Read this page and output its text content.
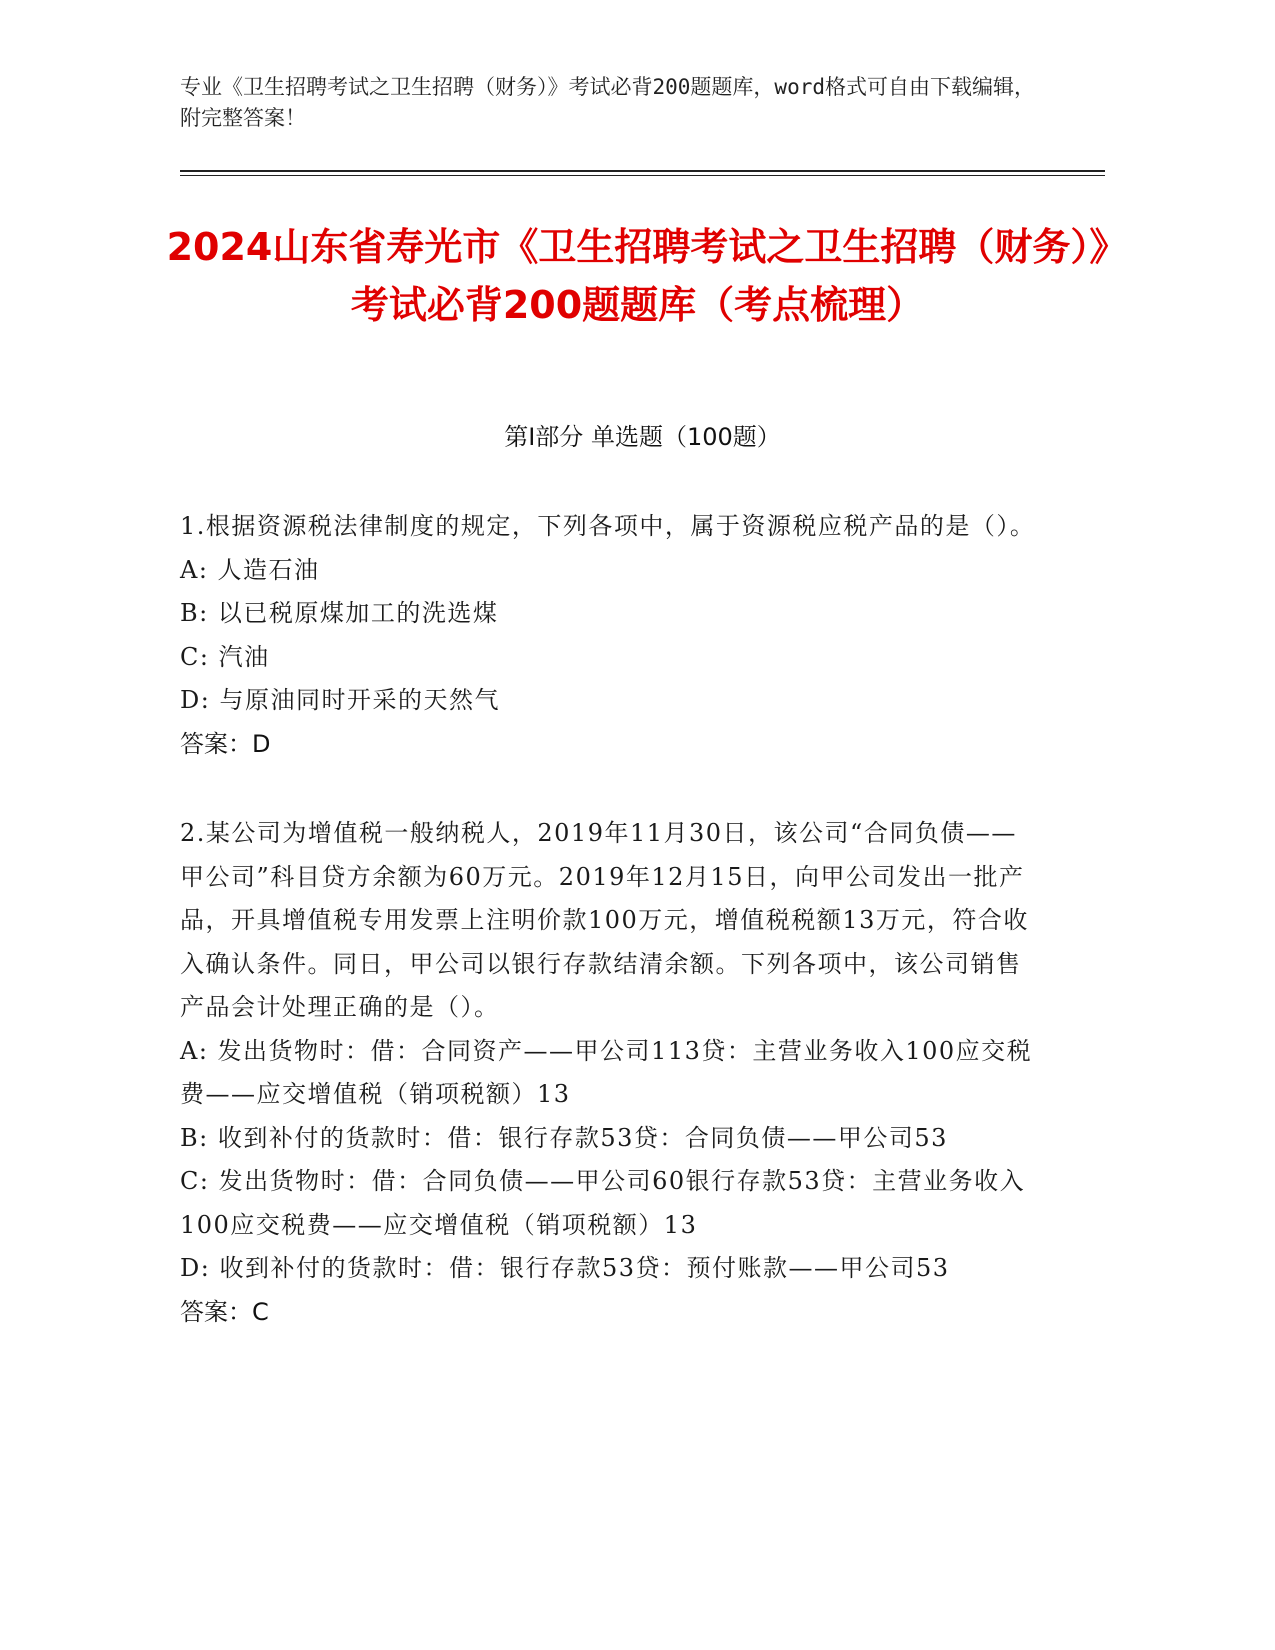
专业《卫生招聘考试之卫生招聘（财务）》考试必背200题题库，word格式可自由下载编辑，附完整答案！
2024山东省寿光市《卫生招聘考试之卫生招聘（财务）》考试必背200题题库（考点梳理）
第I部分 单选题（100题）

1.根据资源税法律制度的规定，下列各项中，属于资源税应税产品的是（）。

A: 人造石油

B: 以已税原煤加工的洗选煤

C: 汽油

D: 与原油同时开采的天然气

答案：D

2.某公司为增值税一般纳税人，2019年11月30日，该公司“合同负债——甲公司”科目贷方余额为60万元。2019年12月15日，向甲公司发出一批产品，开具增值税专用发票上注明价款100万元，增值税税额13万元，符合收入确认条件。同日，甲公司以银行存款结清余额。下列各项中，该公司销售产品会计处理正确的是（）。

A: 发出货物时：借：合同资产——甲公司113贷：主营业务收入100应交税费——应交增值税（销项税额）13

B: 收到补付的货款时：借：银行存款53贷：合同负债——甲公司53

C: 发出货物时：借：合同负债——甲公司60银行存款53贷：主营业务收入100应交税费——应交增值税（销项税额）13

D: 收到补付的货款时：借：银行存款53贷：预付账款——甲公司53

答案：C
